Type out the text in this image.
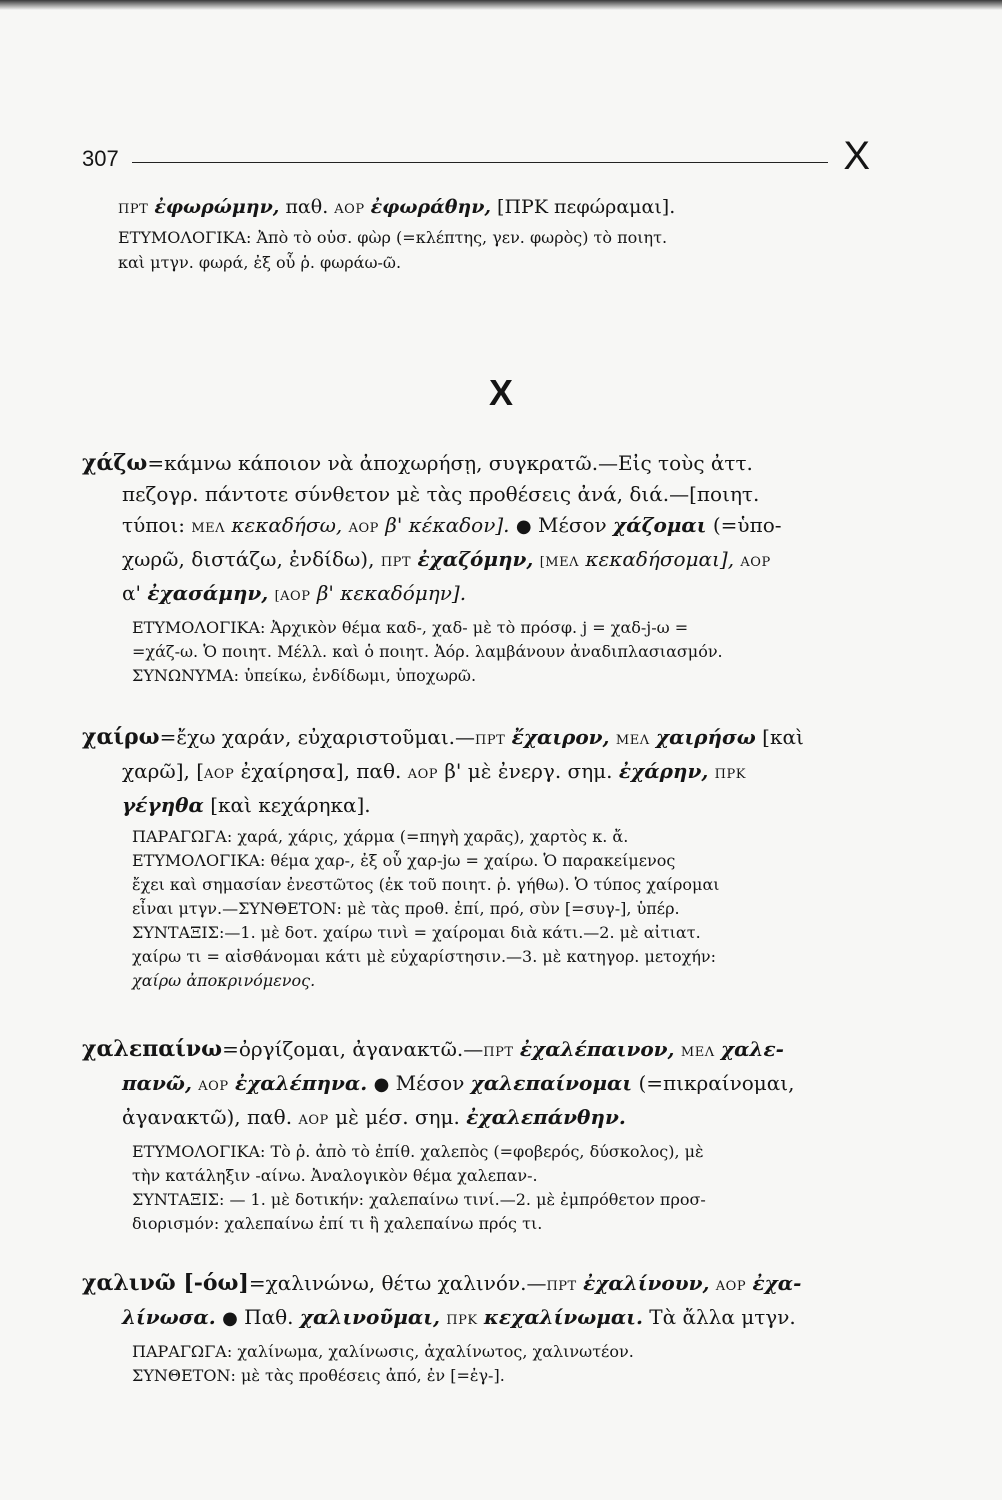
307	Χ
ΠΡΤ ἐφωρώμην, παθ. ΑΟΡ ἐφωράθην, [ΠΡΚ πεφώραμαι].
ΕΤΥΜΟΛΟΓΙΚΑ: Ἀπὸ τὸ οὐσ. φὼρ (=κλέπτης, γεν. φωρὸς) τὸ ποιητ.
καὶ μτγν. φωρά, ἐξ οὗ ῥ. φωράω-ῶ.
Χ
χάζω=κάμνω κάποιον νὰ ἀποχωρήσῃ, συγκρατῶ.—Εἰς τοὺς ἀττ.
πεζογρ. πάντοτε σύνθετον μὲ τὰς προθέσεις ἀνά, διά.—[ποιητ.
τύποι: ΜΕΛ κεκαδήσω, ΑΟΡ β' κέκαδον]. ● Μέσον χάζομαι (=ὑπο-
χωρῶ, διστάζω, ἐνδίδω), ΠΡΤ ἐχαζόμην, [ΜΕΛ κεκαδήσομαι], ΑΟΡ
α' ἐχασάμην, [ΑΟΡ β' κεκαδόμην].
ΕΤΥΜΟΛΟΓΙΚΑ: Ἀρχικὸν θέμα καδ-, χαδ- μὲ τὸ πρόσφ. j = χαδ-j-ω =
=χάζ-ω. Ὁ ποιητ. Μέλλ. καὶ ὁ ποιητ. Ἀόρ. λαμβάνουν ἀναδιπλασιασμόν.
ΣΥΝΩΝΥΜΑ: ὑπείκω, ἐνδίδωμι, ὑποχωρῶ.
χαίρω=ἔχω χαράν, εὐχαριστοῦμαι.—ΠΡΤ ἔχαιρον, ΜΕΛ χαιρήσω [καὶ
χαρῶ], [ΑΟΡ ἐχαίρησα], παθ. ΑΟΡ β' μὲ ἐνεργ. σημ. ἐχάρην, ΠΡΚ
γέγηθα [καὶ κεχάρηκα].
ΠΑΡΑΓΩΓΑ: χαρά, χάρις, χάρμα (=πηγὴ χαρᾶς), χαρτὸς κ. ἄ.
ΕΤΥΜΟΛΟΓΙΚΑ: θέμα χαρ-, ἐξ οὗ χαρ-jω = χαίρω. Ὁ παρακείμενος
ἔχει καὶ σημασίαν ἐνεστῶτος (ἐκ τοῦ ποιητ. ῥ. γήθω). Ὁ τύπος χαίρομαι
εἶναι μτγν.—ΣΥΝΘΕΤΟΝ: μὲ τὰς προθ. ἐπί, πρό, σὺν [=συγ-], ὑπέρ.
ΣΥΝΤΑΞΙΣ:—1. μὲ δοτ. χαίρω τινὶ = χαίρομαι διὰ κάτι.—2. μὲ αἰτιατ.
χαίρω τι = αἰσθάνομαι κάτι μὲ εὐχαρίστησιν.—3. μὲ κατηγορ. μετοχήν:
χαίρω ἀποκρινόμενος.
χαλεπαίνω=ὀργίζομαι, ἀγανακτῶ.—ΠΡΤ ἐχαλέπαινον, ΜΕΛ χαλε-
πανῶ, ΑΟΡ ἐχαλέπηνα. ● Μέσον χαλεπαίνομαι (=πικραίνομαι,
ἀγανακτῶ), παθ. ΑΟΡ μὲ μέσ. σημ. ἐχαλεπάνθην.
ΕΤΥΜΟΛΟΓΙΚΑ: Τὸ ῥ. ἀπὸ τὸ ἐπίθ. χαλεπὸς (=φοβερός, δύσκολος), μὲ
τὴν κατάληξιν -αίνω. Ἀναλογικὸν θέμα χαλεπαν-.
ΣΥΝΤΑΞΙΣ: — 1. μὲ δοτικήν: χαλεπαίνω τινί.—2. μὲ ἐμπρόθετον προσ-
διορισμόν: χαλεπαίνω ἐπί τι ἢ χαλεπαίνω πρός τι.
χαλινῶ [-όω]=χαλινώνω, θέτω χαλινόν.—ΠΡΤ ἐχαλίνουν, ΑΟΡ ἐχα-
λίνωσα. ● Παθ. χαλινοῦμαι, ΠΡΚ κεχαλίνωμαι. Τὰ ἄλλα μτγν.
ΠΑΡΑΓΩΓΑ: χαλίνωμα, χαλίνωσις, ἀχαλίνωτος, χαλινωτέον.
ΣΥΝΘΕΤΟΝ: μὲ τὰς προθέσεις ἀπό, ἐν [=ἐγ-].
